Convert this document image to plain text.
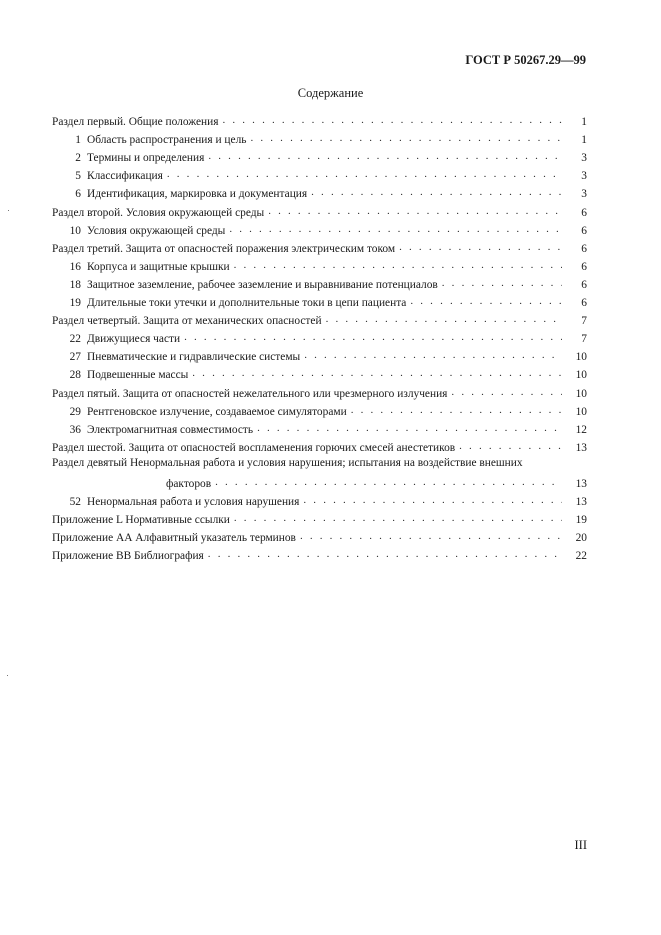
ГОСТ Р 50267.29—99
Содержание
Раздел первый. Общие положения . . .	1
1 Область распространения и цель . . .	1
2 Термины и определения . . .	3
5 Классификация . . .	3
6 Идентификация, маркировка и документация . . .	3
Раздел второй. Условия окружающей среды . . .	6
10 Условия окружающей среды . . .	6
Раздел третий. Защита от опасностей поражения электрическим током . . .	6
16 Корпуса и защитные крышки . . .	6
18 Защитное заземление, рабочее заземление и выравнивание потенциалов . . .	6
19 Длительные токи утечки и дополнительные токи в цепи пациента . . .	6
Раздел четвертый. Защита от механических опасностей . . .	7
22 Движущиеся части . . .	7
27 Пневматические и гидравлические системы . . .	10
28 Подвешенные массы . . .	10
Раздел пятый. Защита от опасностей нежелательного или чрезмерного излучения . . .	10
29 Рентгеновское излучение, создаваемое симуляторами . . .	10
36 Электромагнитная совместимость . . .	12
Раздел шестой. Защита от опасностей воспламенения горючих смесей анестетиков . . .	13
Раздел девятый Ненормальная работа и условия нарушения; испытания на воздействие внешних
факторов . . .	13
52 Ненормальная работа и условия нарушения . . .	13
Приложение L Нормативные ссылки . . .	19
Приложение АА Алфавитный указатель терминов . . .	20
Приложение ВВ Библиография . . .	22
III
